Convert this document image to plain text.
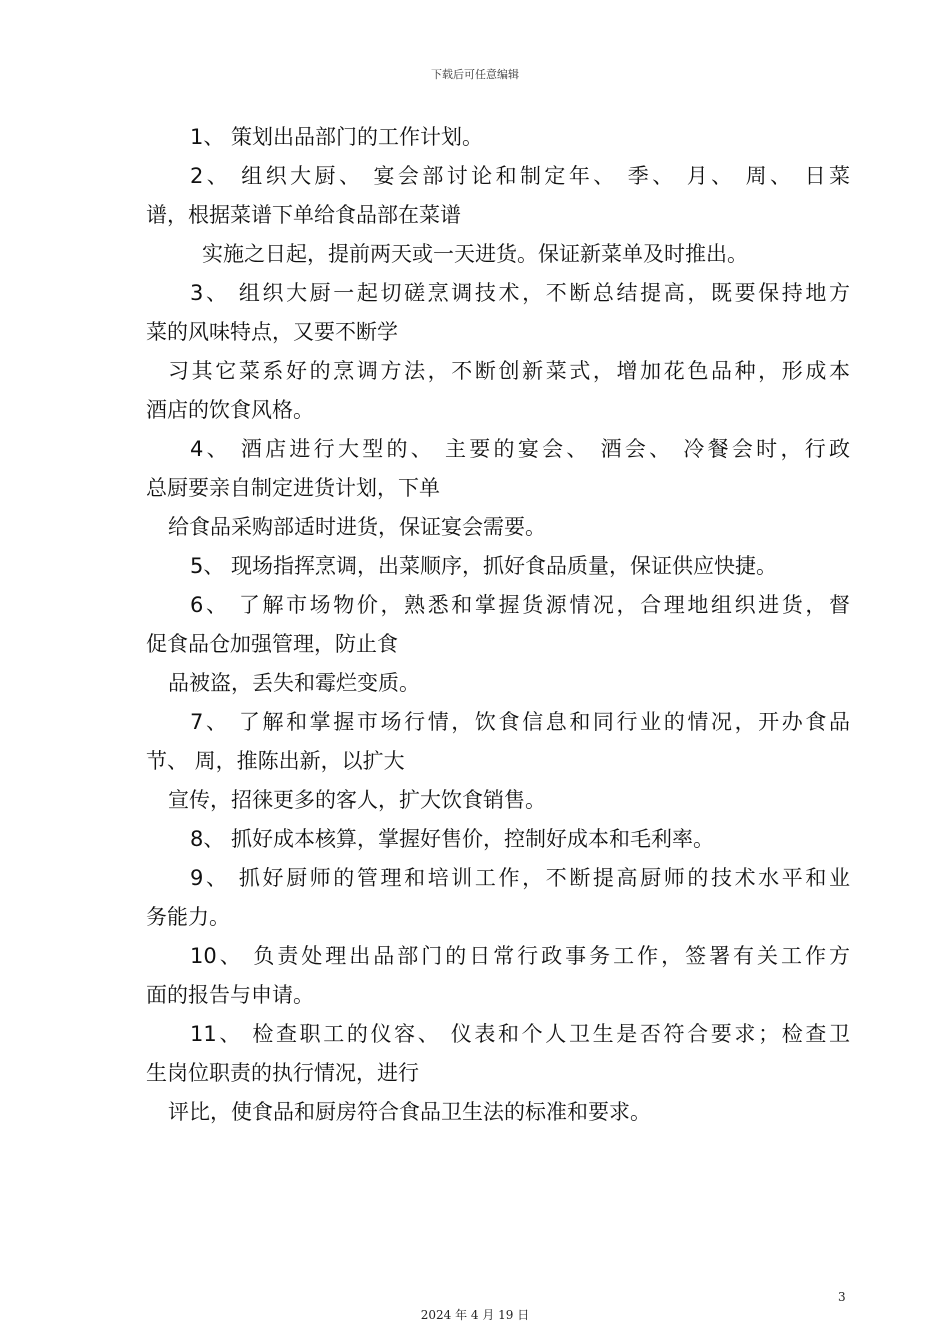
下载后可任意编辑
1、 策划出品部门的工作计划。
2、 组织大厨、 宴会部讨论和制定年、 季、 月、 周、 日菜
谱，根据菜谱下单给食品部在菜谱
实施之日起，提前两天或一天进货。保证新菜单及时推出。
3、 组织大厨一起切磋烹调技术，不断总结提高，既要保持地方
菜的风味特点，又要不断学
习其它菜系好的烹调方法，不断创新菜式，增加花色品种，形成本
酒店的饮食风格。
4、 酒店进行大型的、 主要的宴会、 酒会、 冷餐会时，行政
总厨要亲自制定进货计划，下单
给食品采购部适时进货，保证宴会需要。
5、 现场指挥烹调，出菜顺序，抓好食品质量，保证供应快捷。
6、 了解市场物价，熟悉和掌握货源情况，合理地组织进货，督
促食品仓加强管理，防止食
品被盗，丢失和霉烂变质。
7、 了解和掌握市场行情，饮食信息和同行业的情况，开办食品
节、 周，推陈出新，以扩大
宣传，招徕更多的客人，扩大饮食销售。
8、 抓好成本核算，掌握好售价，控制好成本和毛利率。
9、 抓好厨师的管理和培训工作，不断提高厨师的技术水平和业
务能力。
10、 负责处理出品部门的日常行政事务工作，签署有关工作方
面的报告与申请。
11、 检查职工的仪容、 仪表和个人卫生是否符合要求；检查卫
生岗位职责的执行情况，进行
评比，使食品和厨房符合食品卫生法的标准和要求。
3
2024 年 4 月 19 日
